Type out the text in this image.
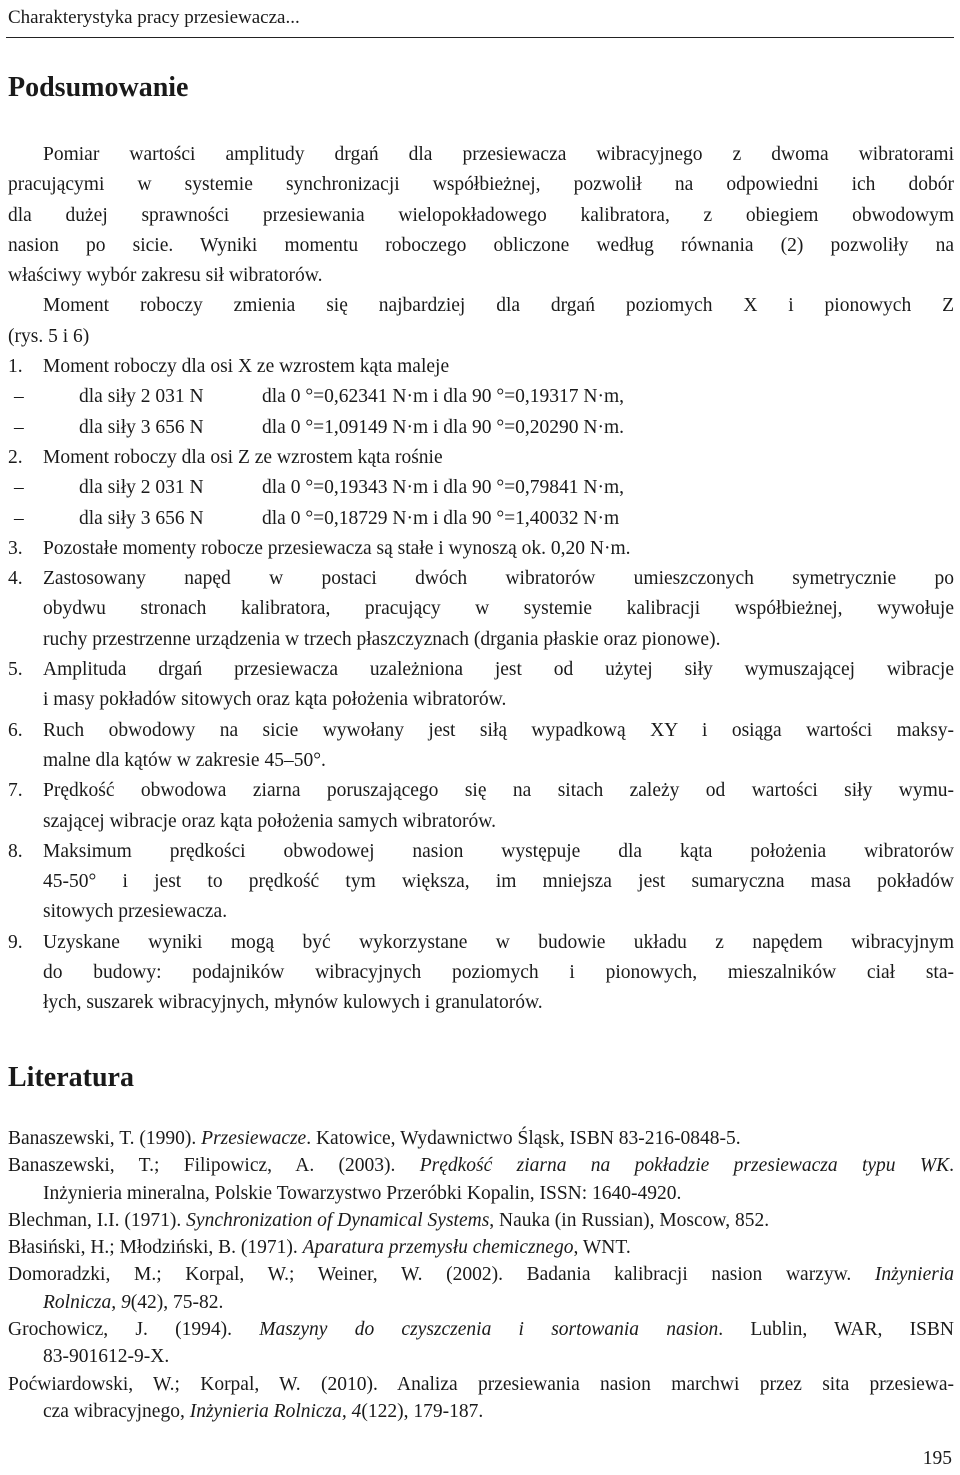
Charakterystyka pracy przesiewacza...
Podsumowanie
Pomiar wartości amplitudy drgań dla przesiewacza wibracyjnego z dwoma wibratorami
pracującymi w systemie synchronizacji współbieżnej, pozwolił na odpowiedni ich dobór
dla dużej sprawności przesiewania wielopokładowego kalibratora, z obiegiem obwodowym
nasion po sicie. Wyniki momentu roboczego obliczone według równania (2) pozwoliły na
właściwy wybór zakresu sił wibratorów.
Moment roboczy zmienia się najbardziej dla drgań poziomych X i pionowych Z
(rys. 5 i 6)
1.	Moment roboczy dla osi X ze wzrostem kąta maleje
–	dla siły 2 031 N	dla 0 °=0,62341 N·m i dla 90 °=0,19317 N·m,
–	dla siły 3 656 N	dla 0 °=1,09149 N·m i dla 90 °=0,20290 N·m.
2.	Moment roboczy dla osi Z ze wzrostem kąta rośnie
–	dla siły 2 031 N	dla 0 °=0,19343 N·m i dla 90 °=0,79841 N·m,
–	dla siły 3 656 N	dla 0 °=0,18729 N·m i dla 90 °=1,40032 N·m
3.	Pozostałe momenty robocze przesiewacza są stałe i wynoszą ok. 0,20 N·m.
4.	Zastosowany napęd w postaci dwóch wibratorów umieszczonych symetrycznie po
obydwu stronach kalibratora, pracujący w systemie kalibracji współbieżnej, wywołuje
ruchy przestrzenne urządzenia w trzech płaszczyznach (drgania płaskie oraz pionowe).
5.	Amplituda drgań przesiewacza uzależniona jest od użytej siły wymuszającej wibracje
i masy pokładów sitowych oraz kąta położenia wibratorów.
6.	Ruch obwodowy na sicie wywołany jest siłą wypadkową XY i osiąga wartości maksy-
malne dla kątów w zakresie 45–50°.
7.	Prędkość obwodowa ziarna poruszającego się na sitach zależy od wartości siły wymu-
szającej wibracje oraz kąta położenia samych wibratorów.
8.	Maksimum prędkości obwodowej nasion występuje dla kąta położenia wibratorów
45-50° i jest to prędkość tym większa, im mniejsza jest sumaryczna masa pokładów
sitowych przesiewacza.
9.	Uzyskane wyniki mogą być wykorzystane w budowie układu z napędem wibracyjnym
do budowy: podajników wibracyjnych poziomych i pionowych, mieszalników ciał sta-
łych, suszarek wibracyjnych, młynów kulowych i granulatorów.
Literatura
Banaszewski, T. (1990). Przesiewacze. Katowice, Wydawnictwo Śląsk, ISBN 83-216-0848-5.
Banaszewski, T.; Filipowicz, A. (2003). Prędkość ziarna na pokładzie przesiewacza typu WK.
Inżynieria mineralna, Polskie Towarzystwo Przeróbki Kopalin, ISSN: 1640-4920.
Blechman, I.I. (1971). Synchronization of Dynamical Systems, Nauka (in Russian), Moscow, 852.
Błasiński, H.; Młodziński, B. (1971). Aparatura przemysłu chemicznego, WNT.
Domoradzki, M.; Korpal, W.; Weiner, W. (2002). Badania kalibracji nasion warzyw. Inżynieria
Rolnicza, 9(42), 75-82.
Grochowicz, J. (1994). Maszyny do czyszczenia i sortowania nasion. Lublin, WAR, ISBN
83-901612-9-X.
Poćwiardowski, W.; Korpal, W. (2010). Analiza przesiewania nasion marchwi przez sita przesiewa-
cza wibracyjnego, Inżynieria Rolnicza, 4(122), 179-187.
195
